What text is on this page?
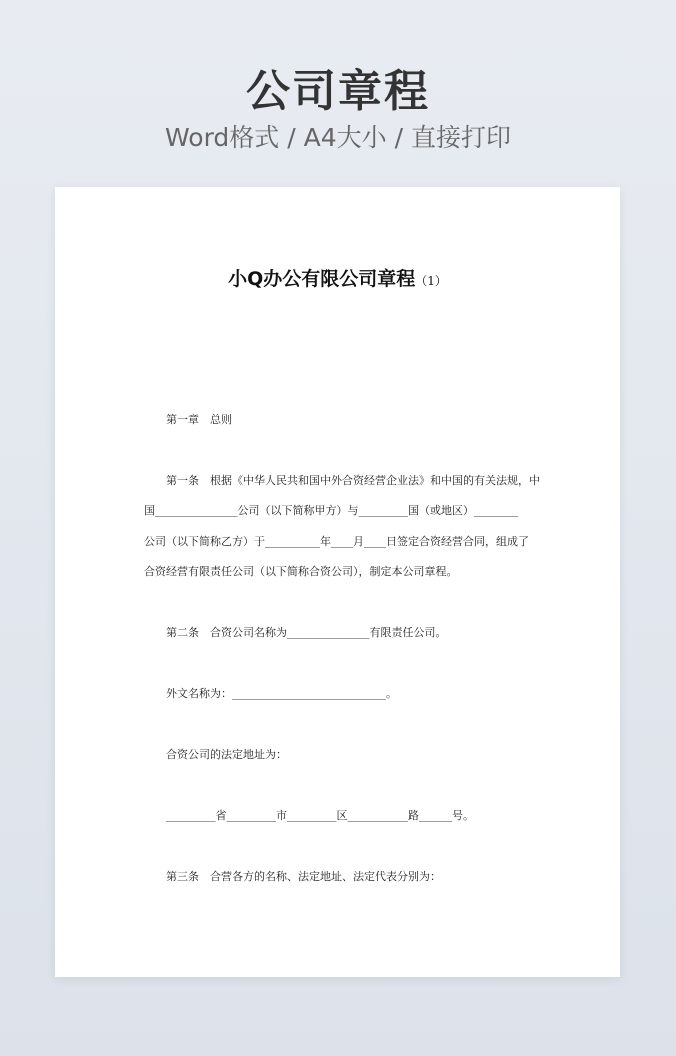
公司章程
Word格式 / A4大小 / 直接打印
小Q办公有限公司章程（1）
第一章　总则
第一条　根据《中华人民共和国中外合资经营企业法》和中国的有关法规，中
国_______________公司（以下简称甲方）与_________国（或地区）________
公司（以下简称乙方）于__________年____月____日签定合资经营合同，组成了
合资经营有限责任公司（以下简称合资公司），制定本公司章程。
第二条　合资公司名称为_______________有限责任公司。
外文名称为：____________________________。
合资公司的法定地址为：
_________省_________市_________区___________路______号。
第三条　合营各方的名称、法定地址、法定代表分别为：
